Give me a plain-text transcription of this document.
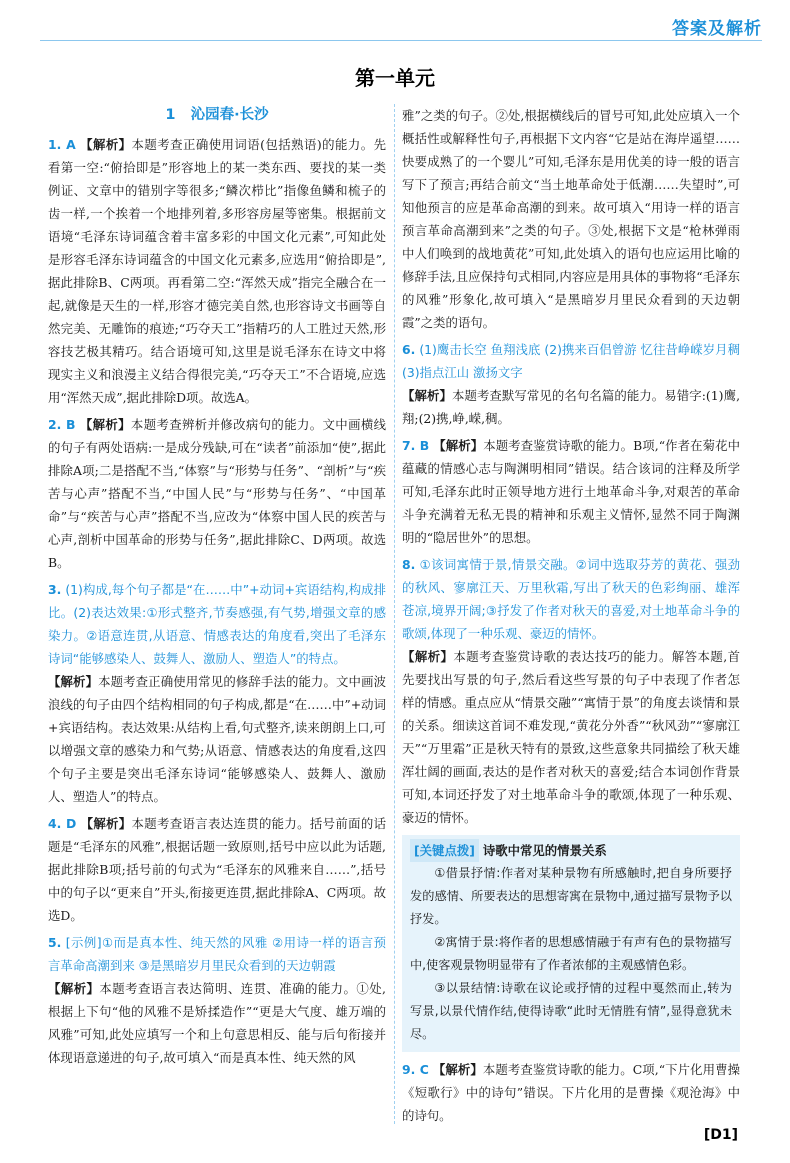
答案及解析
第一单元
1 沁园春·长沙
1. A 【解析】本题考查正确使用词语(包括熟语)的能力。先看第一空:“俯拾即是”形容地上的某一类东西、要找的某一类例证、文章中的错别字等很多;“鳞次栉比”指像鱼鳞和梳子的齿一样,一个挨着一个地排列着,多形容房屋等密集。根据前文语境“毛泽东诗词蕴含着丰富多彩的中国文化元素”,可知此处是形容毛泽东诗词蕴含的中国文化元素多,应选用“俯拾即是”,据此排除B、C两项。再看第二空:“浑然天成”指完全融合在一起,就像是天生的一样,形容才德完美自然,也形容诗文书画等自然完美、无雕饰的痕迹;“巧夺天工”指精巧的人工胜过天然,形容技艺极其精巧。结合语境可知,这里是说毛泽东在诗文中将现实主义和浪漫主义结合得很完美,“巧夺天工”不合语境,应选用“浑然天成”,据此排除D项。故选A。
2. B 【解析】本题考查辨析并修改病句的能力。文中画横线的句子有两处语病:一是成分残缺,可在“读者”前添加“使”,据此排除A项;二是搭配不当,“体察”与“形势与任务”、“剖析”与“疾苦与心声”搭配不当,“中国人民”与“形势与任务”、“中国革命”与“疾苦与心声”搭配不当,应改为“体察中国人民的疾苦与心声,剖析中国革命的形势与任务”,据此排除C、D两项。故选B。
3. (1)构成,每个句子都是“在……中”+动词+宾语结构,构成排比。(2)表达效果:①形式整齐,节奏感强,有气势,增强文章的感染力。②语意连贯,从语意、情感表达的角度看,突出了毛泽东诗词“能够感染人、鼓舞人、激励人、塑造人”的特点。
【解析】本题考查正确使用常见的修辞手法的能力。文中画波浪线的句子由四个结构相同的句子构成,都是“在……中”+动词+宾语结构。表达效果:从结构上看,句式整齐,读来朗朗上口,可以增强文章的感染力和气势;从语意、情感表达的角度看,这四个句子主要是突出毛泽东诗词“能够感染人、鼓舞人、激励人、塑造人”的特点。
4. D 【解析】本题考查语言表达连贯的能力。括号前面的话题是“毛泽东的风雅”,根据话题一致原则,括号中应以此为话题,据此排除B项;括号前的句式为“毛泽东的风雅来自……”,括号中的句子以“更来自”开头,衔接更连贯,据此排除A、C两项。故选D。
5. [示例]①而是真本性、纯天然的风雅 ②用诗一样的语言预言革命高潮到来 ③是黑暗岁月里民众看到的天边朝霞
【解析】本题考查语言表达简明、连贯、准确的能力。①处,根据上下句“他的风雅不是矫揉造作”“更是大气度、雄万端的风雅”可知,此处应填写一个和上句意思相反、能与后句衔接并体现语意递进的句子,故可填入“而是真本性、纯天然的风
雅”之类的句子。②处,根据横线后的冒号可知,此处应填入一个概括性或解释性句子,再根据下文内容“它是站在海岸遥望……快要成熟了的一个婴儿”可知,毛泽东是用优美的诗一般的语言写下了预言;再结合前文“当土地革命处于低潮……失望时”,可知他预言的应是革命高潮的到来。故可填入“用诗一样的语言预言革命高潮到来”之类的句子。③处,根据下文是“枪林弹雨中人们唤到的战地黄花”可知,此处填入的语句也应运用比喻的修辞手法,且应保持句式相同,内容应是用具体的事物将“毛泽东的风雅”形象化,故可填入“是黑暗岁月里民众看到的天边朝霞”之类的语句。
6. (1)鹰击长空 鱼翔浅底 (2)携来百侣曾游 忆往昔峥嵘岁月稠 (3)指点江山 激扬文字
【解析】本题考查默写常见的名句名篇的能力。易错字:(1)鹰,翔;(2)携,峥,嵘,稠。
7. B 【解析】本题考查鉴赏诗歌的能力。B项,“作者在菊花中蕴藏的情感心志与陶渊明相同”错误。结合该词的注释及所学可知,毛泽东此时正领导地方进行土地革命斗争,对艰苦的革命斗争充满着无私无畏的精神和乐观主义情怀,显然不同于陶渊明的“隐居世外”的思想。
8. ①该词寓情于景,情景交融。②词中选取芬芳的黄花、强劲的秋风、寥廓江天、万里秋霜,写出了秋天的色彩绚丽、雄浑苍凉,境界开阔;③抒发了作者对秋天的喜爱,对土地革命斗争的歌颂,体现了一种乐观、豪迈的情怀。
【解析】本题考查鉴赏诗歌的表达技巧的能力。解答本题,首先要找出写景的句子,然后看这些写景的句子中表现了作者怎样的情感。重点应从“情景交融”“寓情于景”的角度去谈情和景的关系。细读这首词不难发现,“黄花分外香”“秋风劲”“寥廓江天”“万里霜”正是秋天特有的景致,这些意象共同描绘了秋天雄浑壮阔的画面,表达的是作者对秋天的喜爱;结合本词创作背景可知,本词还抒发了对土地革命斗争的歌颂,体现了一种乐观、豪迈的情怀。
[关键点拨] 诗歌中常见的情景关系
①借景抒情:作者对某种景物有所感触时,把自身所要抒发的感情、所要表达的思想寄寓在景物中,通过描写景物予以抒发。
②寓情于景:将作者的思想感情融于有声有色的景物描写中,使客观景物明显带有了作者浓郁的主观感情色彩。
③以景结情:诗歌在议论或抒情的过程中戛然而止,转为写景,以景代情作结,使得诗歌“此时无情胜有情”,显得意犹未尽。
9. C 【解析】本题考查鉴赏诗歌的能力。C项,“下片化用曹操《短歌行》中的诗句”错误。下片化用的是曹操《观沧海》中的诗句。
[D1]
